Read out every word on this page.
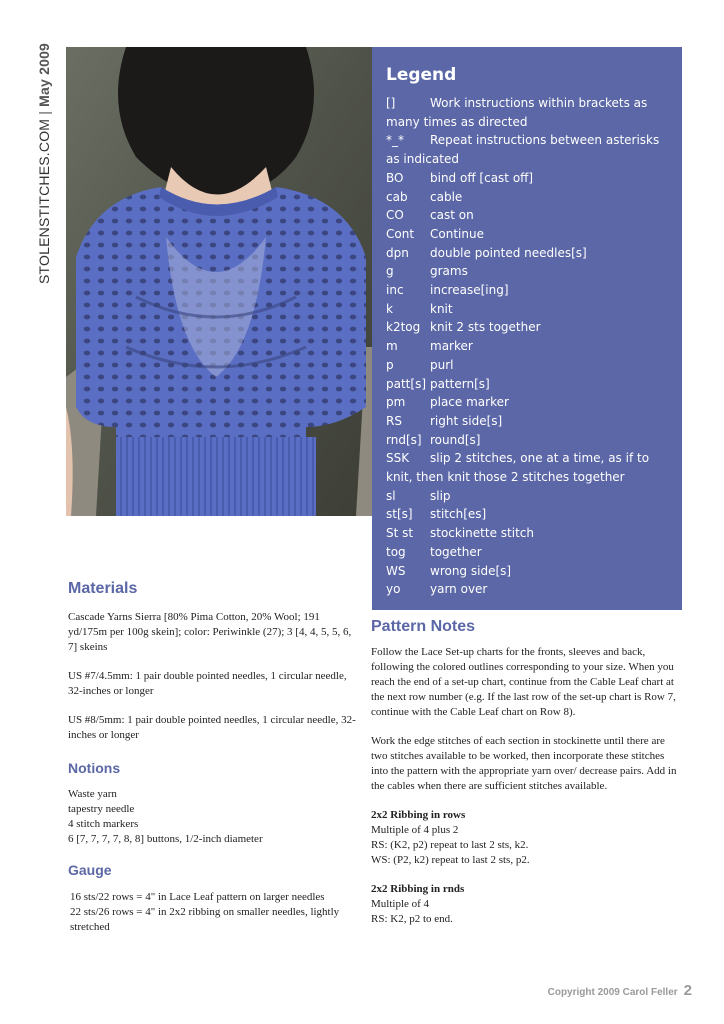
STOLENSTITCHES.COM | May 2009	Legend
[]	Work instructions within brackets as many times as directed
*_* Repeat instructions between asterisks as indicated
BO	bind off [cast off]
cab	cable
CO	cast on
Cont	Continue
dpn	double pointed needles[s]
g	grams
inc	increase[ing]
k	knit
k2tog knit 2 sts together
m	marker
p	purl
patt[s] pattern[s]
pm	place marker
RS	right side[s]
rnd[s] round[s]
SSK slip 2 stitches, one at a time, as if to knit, then knit those 2 stitches together
sl	slip
st[s]	stitch[es]
St st	stockinette stitch
tog	together
WS	wrong side[s]
yo	yarn over
Materials

Cascade Yarns Sierra [80% Pima Cotton, 20% Wool; 191 yd/175m per 100g skein]; color: Periwinkle (27); 3 [4, 4, 5, 5, 6, 7] skeins

US #7/4.5mm: 1 pair double pointed needles, 1 circular needle, 32-inches or longer

US #8/5mm: 1 pair double pointed needles, 1 circular needle, 32-inches or longer

Notions
Waste yarn
tapestry needle
4 stitch markers
6 [7, 7, 7, 7, 8, 8] buttons, 1/2-inch diameter
Gauge
16 sts/22 rows = 4" in Lace Leaf pattern on larger needles
22 sts/26 rows = 4" in 2x2 ribbing on smaller needles, lightly stretched
Pattern Notes

Follow the Lace Set-up charts for the fronts, sleeves and back, following the colored outlines corresponding to your size. When you reach the end of a set-up chart, continue from the Cable Leaf chart at the next row number (e.g. If the last row of the set-up chart is Row 7, continue with the Cable Leaf chart on Row 8).

Work the edge stitches of each section in stockinette until there are two stitches available to be worked, then incorporate these stitches into the pattern with the appropriate yarn over/ decrease pairs. Add in the cables when there are sufficient stitches available.

2x2 Ribbing in rows
Multiple of 4 plus 2
RS: (K2, p2) repeat to last 2 sts, k2.
WS: (P2, k2) repeat to last 2 sts, p2.
2x2 Ribbing in rnds
Multiple of 4
RS: K2, p2 to end.
Copyright 2009 Carol Feller 2
